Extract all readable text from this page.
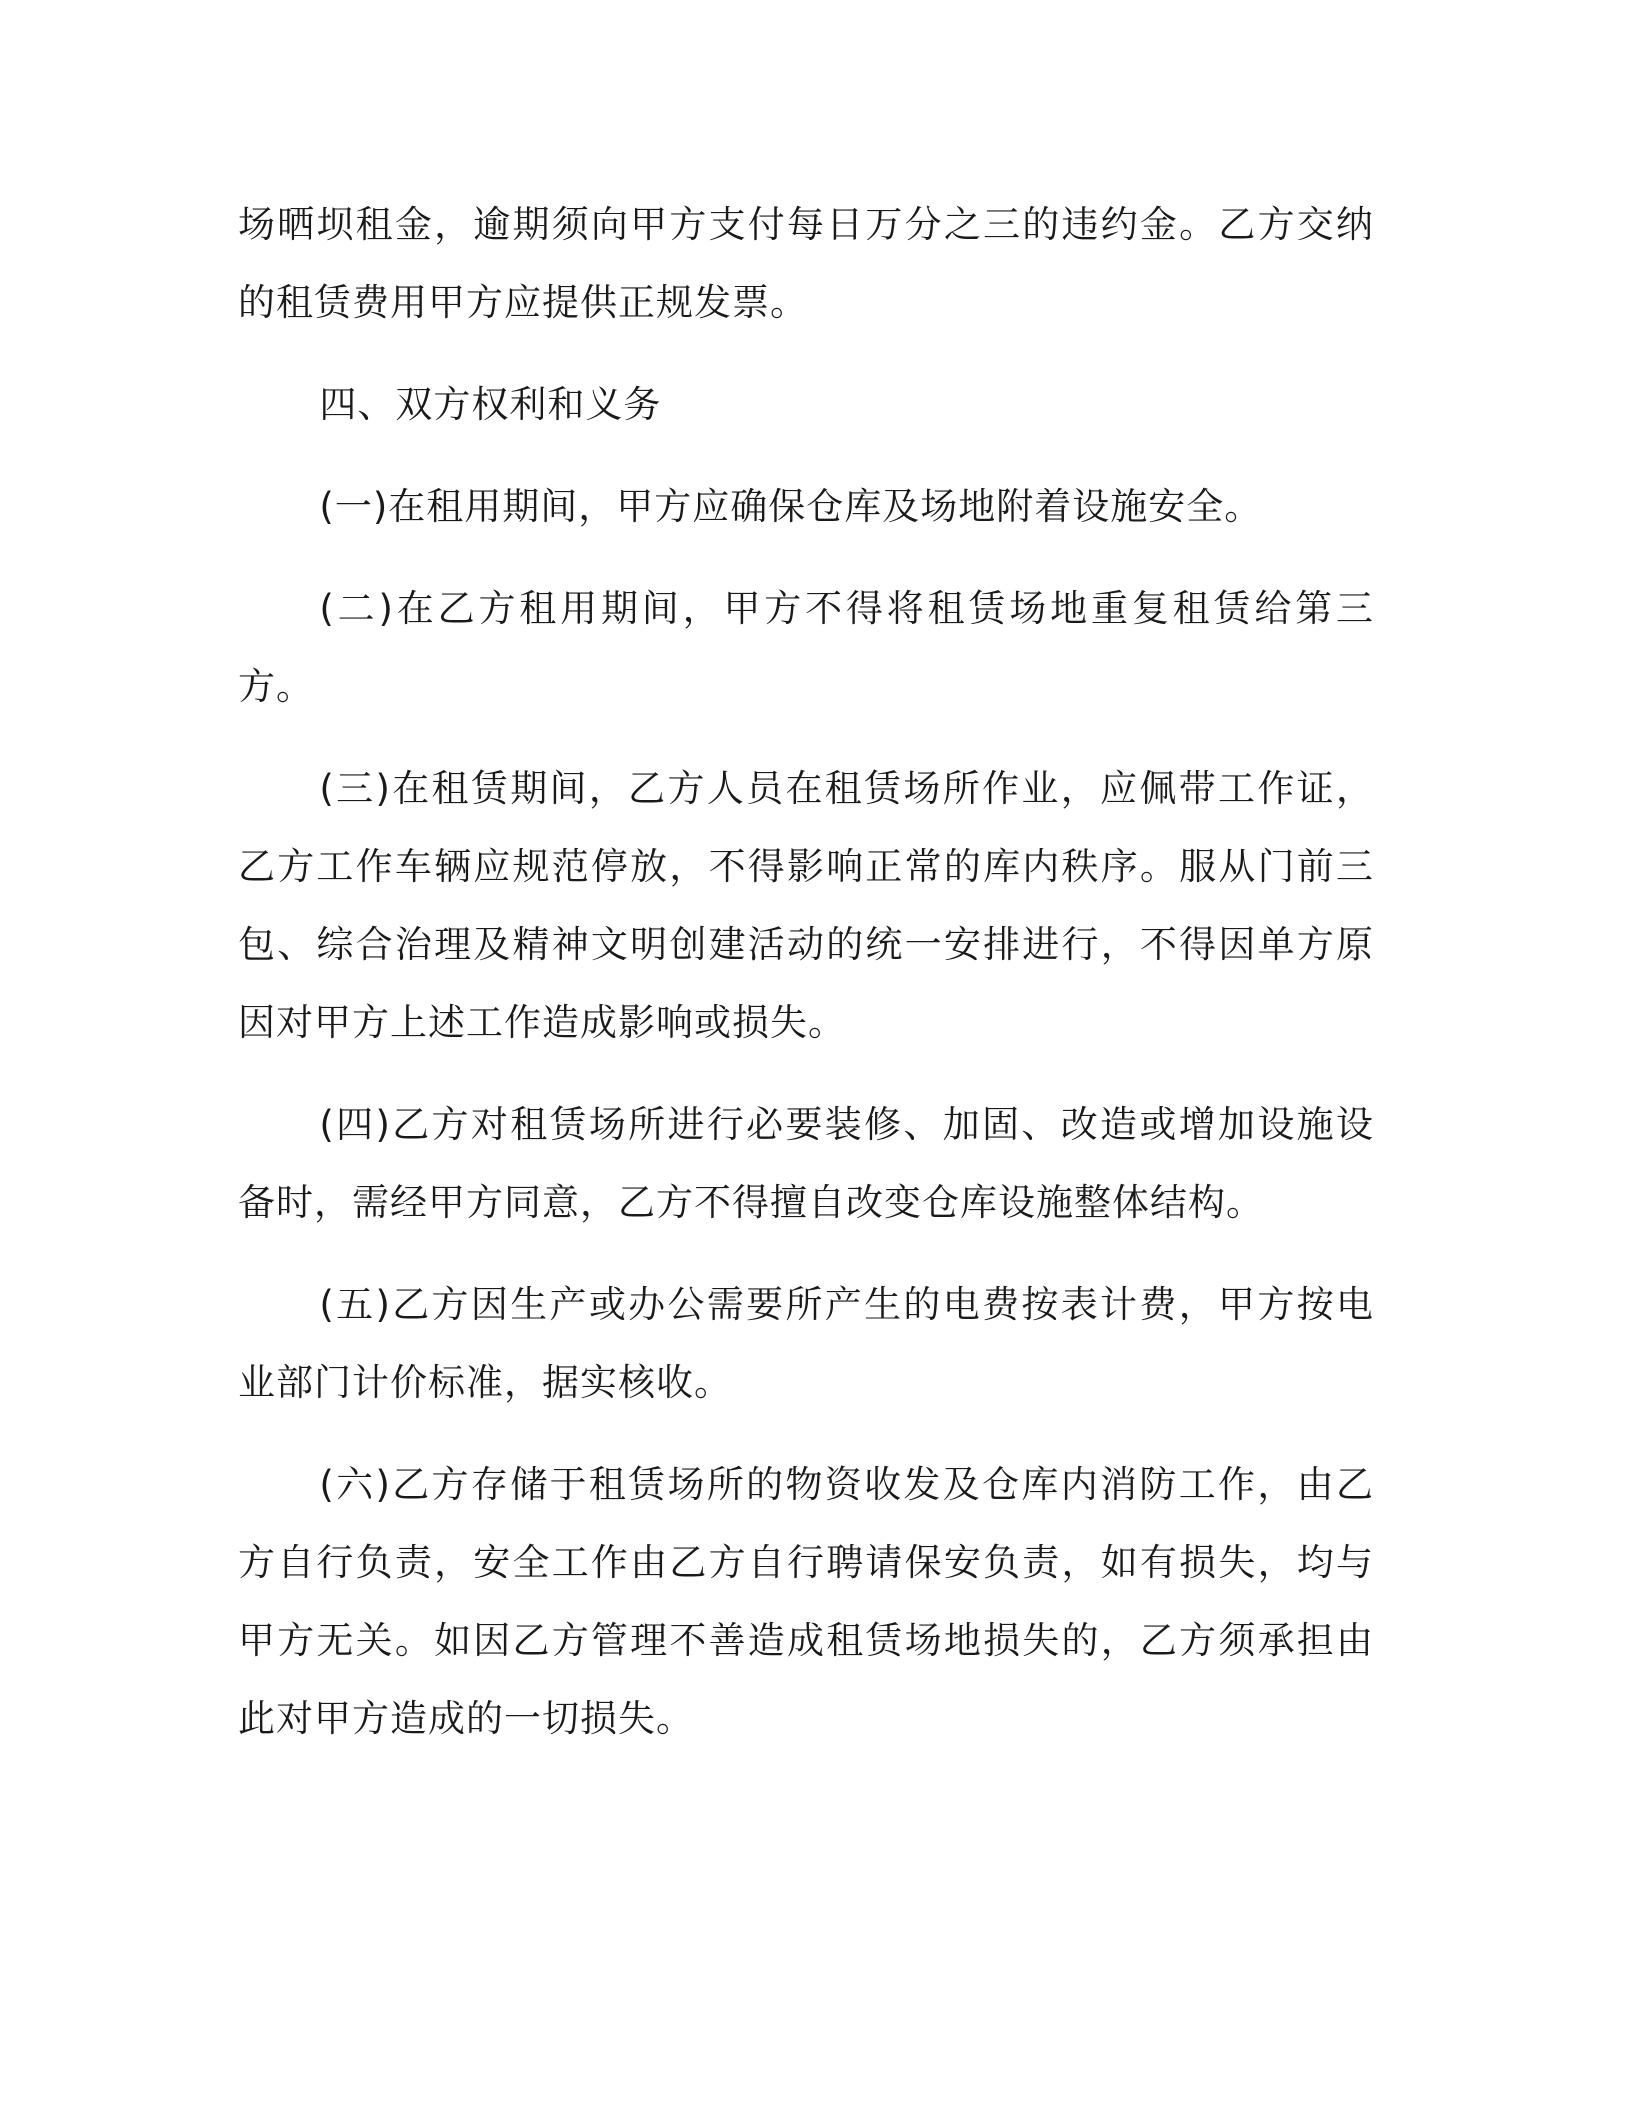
场晒坝租金，逾期须向甲方支付每日万分之三的违约金。乙方交纳的租赁费用甲方应提供正规发票。

四、双方权利和义务

(一)在租用期间，甲方应确保仓库及场地附着设施安全。

(二)在乙方租用期间，甲方不得将租赁场地重复租赁给第三方。

(三)在租赁期间，乙方人员在租赁场所作业，应佩带工作证，乙方工作车辆应规范停放，不得影响正常的库内秩序。服从门前三包、综合治理及精神文明创建活动的统一安排进行，不得因单方原因对甲方上述工作造成影响或损失。

(四)乙方对租赁场所进行必要装修、加固、改造或增加设施设备时，需经甲方同意，乙方不得擅自改变仓库设施整体结构。

(五)乙方因生产或办公需要所产生的电费按表计费，甲方按电业部门计价标准，据实核收。

(六)乙方存储于租赁场所的物资收发及仓库内消防工作，由乙方自行负责，安全工作由乙方自行聘请保安负责，如有损失，均与甲方无关。如因乙方管理不善造成租赁场地损失的，乙方须承担由此对甲方造成的一切损失。
